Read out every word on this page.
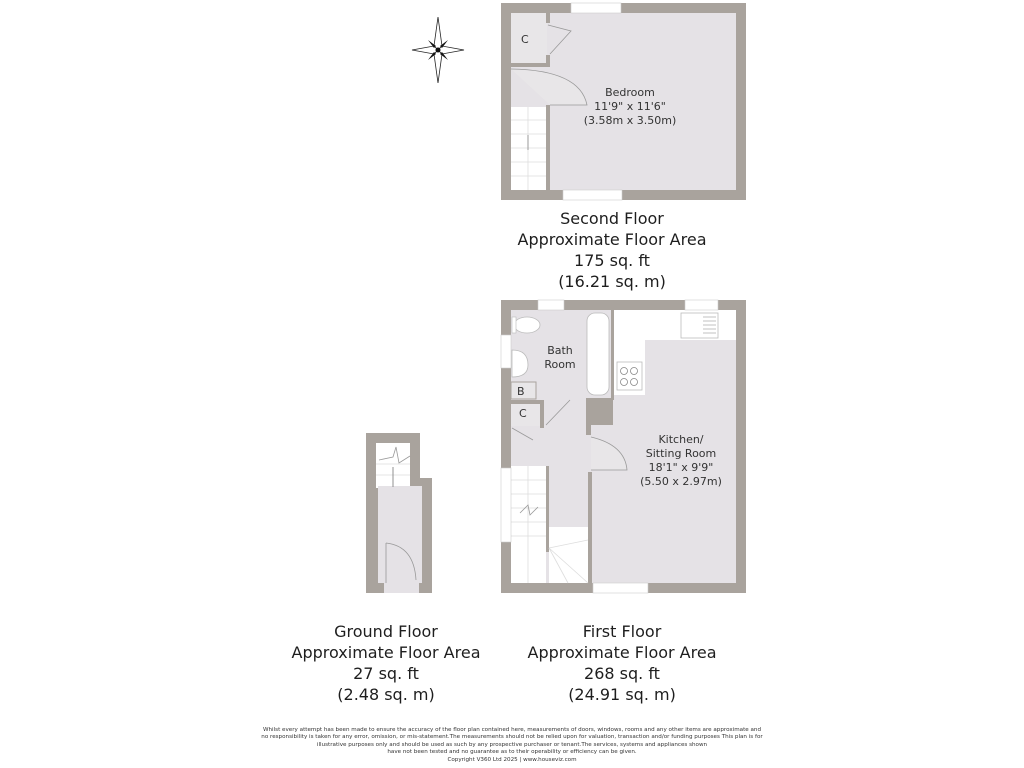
C
B
C
Bedroom
11'9" x 11'6"
(3.58m x 3.50m)
Bath
Room
Kitchen/
Sitting Room
18'1" x 9'9"
(5.50 x 2.97m)
Second Floor
Approximate Floor Area
175 sq. ft
(16.21 sq. m)
First Floor
Approximate Floor Area
268 sq. ft
(24.91 sq. m)
Ground Floor
Approximate Floor Area
27 sq. ft
(2.48 sq. m)
Whilst every attempt has been made to ensure the accuracy of the floor plan contained here, measurements of doors, windows, rooms and any other items are approximate and
no responsibility is taken for any error, omission, or mis-statement.The measurements should not be relied upon for valuation, transaction and/or funding purposes This plan is for
illustrative purposes only and should be used as such by any prospective purchaser or tenant.The services, systems and appliances shown
have not been tested and no guarantee as to their operability or efficiency can be given.
Copyright V360 Ltd 2025 | www.houseviz.com
